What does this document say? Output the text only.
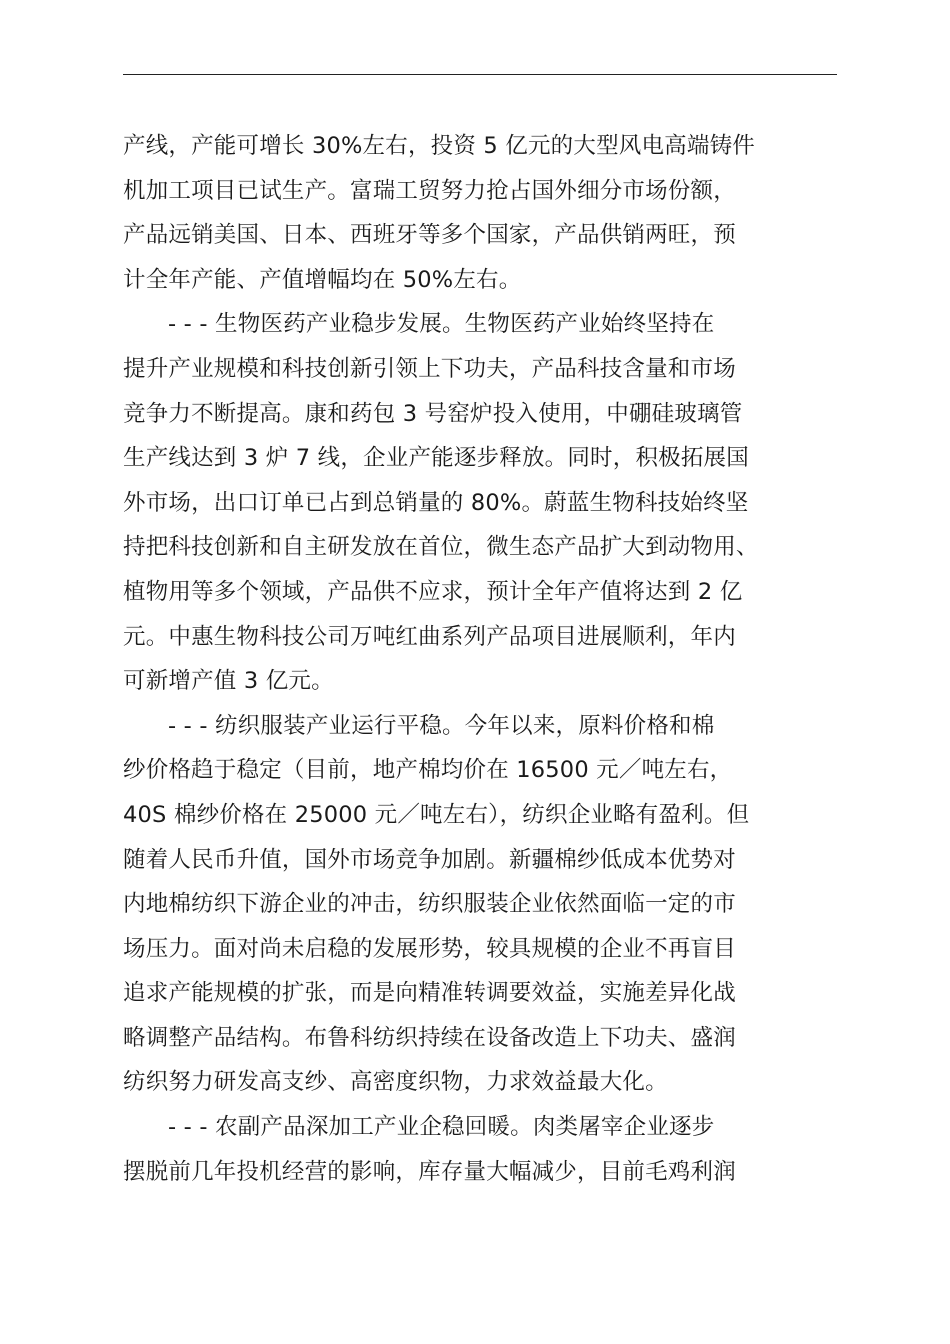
产线，产能可增长 30%左右，投资 5 亿元的大型风电高端铸件
机加工项目已试生产。富瑞工贸努力抢占国外细分市场份额，
产品远销美国、日本、西班牙等多个国家，产品供销两旺，预
计全年产能、产值增幅均在 50%左右。
- - - 生物医药产业稳步发展。生物医药产业始终坚持在
提升产业规模和科技创新引领上下功夫，产品科技含量和市场
竞争力不断提高。康和药包 3 号窑炉投入使用，中硼硅玻璃管
生产线达到 3 炉 7 线，企业产能逐步释放。同时，积极拓展国
外市场，出口订单已占到总销量的 80%。蔚蓝生物科技始终坚
持把科技创新和自主研发放在首位，微生态产品扩大到动物用、
植物用等多个领域，产品供不应求，预计全年产值将达到 2 亿
元。中惠生物科技公司万吨红曲系列产品项目进展顺利，年内
可新增产值 3 亿元。
- - - 纺织服装产业运行平稳。今年以来，原料价格和棉
纱价格趋于稳定（目前，地产棉均价在 16500 元／吨左右，
40S 棉纱价格在 25000 元／吨左右），纺织企业略有盈利。但
随着人民币升值，国外市场竞争加剧。新疆棉纱低成本优势对
内地棉纺织下游企业的冲击，纺织服装企业依然面临一定的市
场压力。面对尚未启稳的发展形势，较具规模的企业不再盲目
追求产能规模的扩张，而是向精准转调要效益，实施差异化战
略调整产品结构。布鲁科纺织持续在设备改造上下功夫、盛润
纺织努力研发高支纱、高密度织物，力求效益最大化。
- - - 农副产品深加工产业企稳回暖。肉类屠宰企业逐步
摆脱前几年投机经营的影响，库存量大幅减少，目前毛鸡利润
